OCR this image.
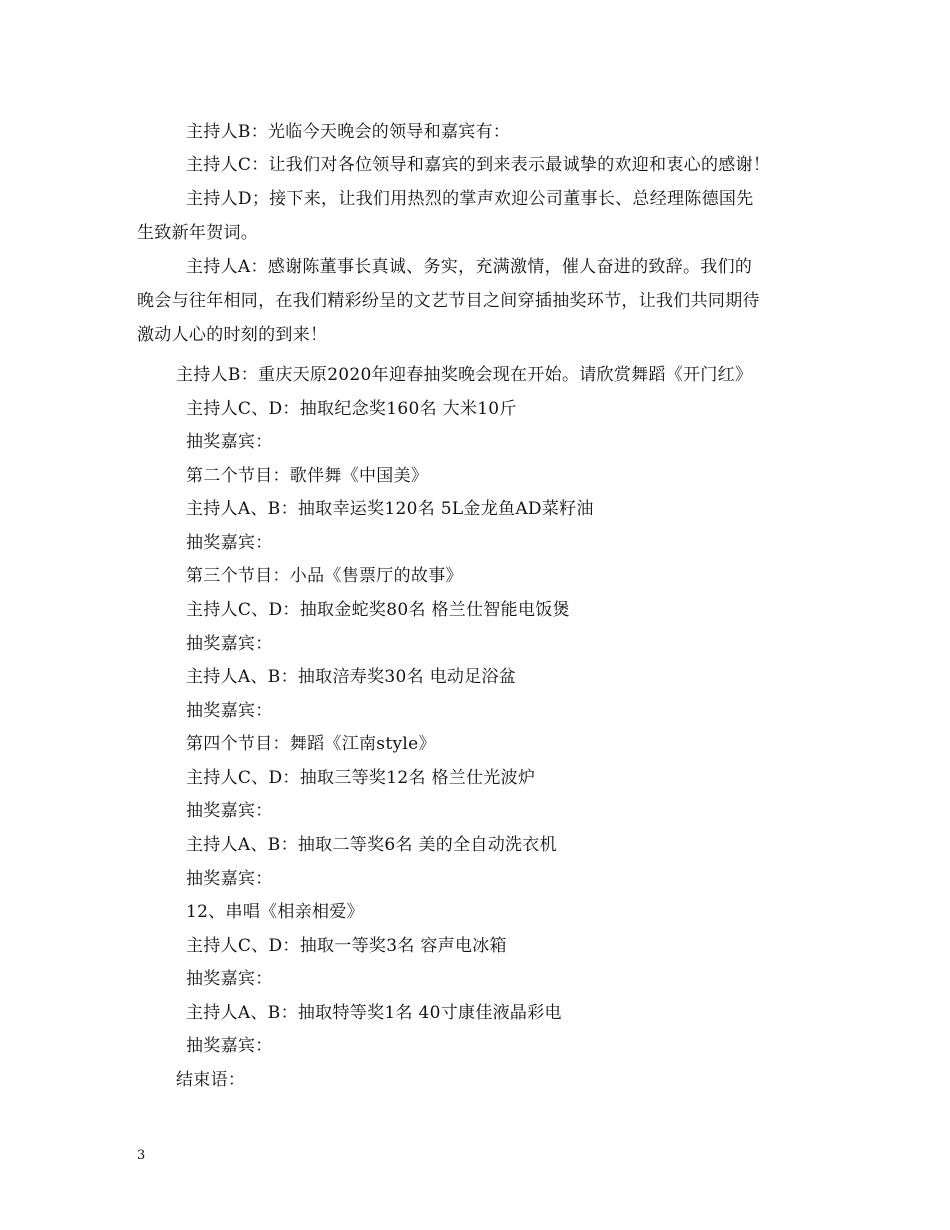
主持人B：光临今天晚会的领导和嘉宾有：
主持人C：让我们对各位领导和嘉宾的到来表示最诚挚的欢迎和衷心的感谢！
主持人D；接下来，让我们用热烈的掌声欢迎公司董事长、总经理陈德国先
生致新年贺词。
主持人A：感谢陈董事长真诚、务实，充满激情，催人奋进的致辞。我们的
晚会与往年相同，在我们精彩纷呈的文艺节目之间穿插抽奖环节，让我们共同期待
激动人心的时刻的到来！
主持人B：重庆天原2020年迎春抽奖晚会现在开始。请欣赏舞蹈《开门红》
主持人C、D：抽取纪念奖160名 大米10斤
抽奖嘉宾：
第二个节目：歌伴舞《中国美》
主持人A、B：抽取幸运奖120名 5L金龙鱼AD菜籽油
抽奖嘉宾：
第三个节目：小品《售票厅的故事》
主持人C、D：抽取金蛇奖80名 格兰仕智能电饭煲
抽奖嘉宾：
主持人A、B：抽取涪寿奖30名 电动足浴盆
抽奖嘉宾：
第四个节目：舞蹈《江南style》
主持人C、D：抽取三等奖12名 格兰仕光波炉
抽奖嘉宾：
主持人A、B：抽取二等奖6名 美的全自动洗衣机
抽奖嘉宾：
12、串唱《相亲相爱》
主持人C、D：抽取一等奖3名 容声电冰箱
抽奖嘉宾：
主持人A、B：抽取特等奖1名 40寸康佳液晶彩电
抽奖嘉宾：
结束语：
3
